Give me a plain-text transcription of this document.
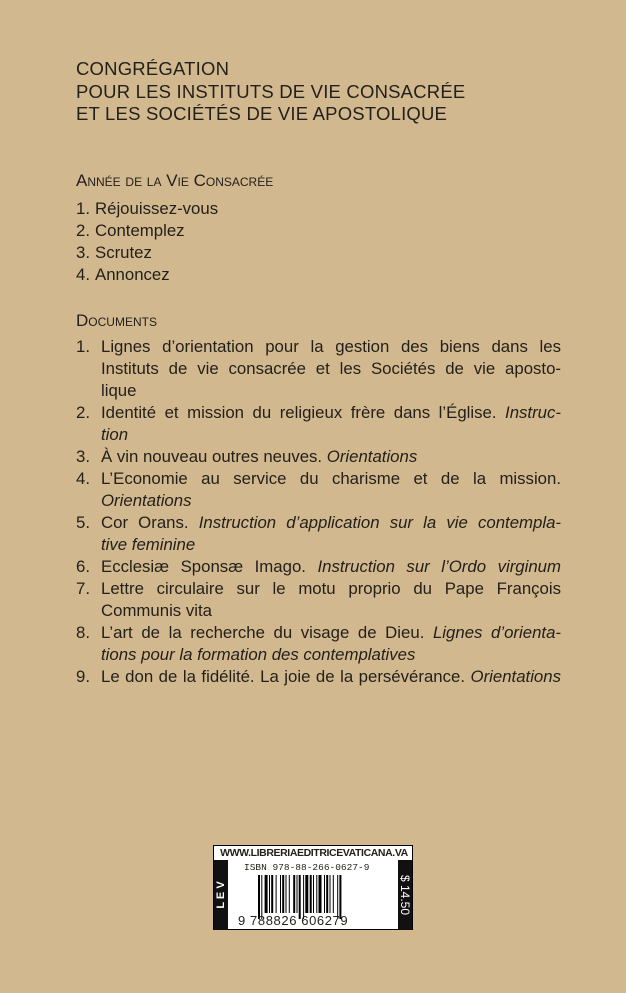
CONGRÉGATION
POUR LES INSTITUTS DE VIE CONSACRÉE
ET LES SOCIÉTÉS DE VIE APOSTOLIQUE
Année de la Vie Consacrée
1. Réjouissez-vous
2. Contemplez
3. Scrutez
4. Annoncez
Documents
1. Lignes d’orientation pour la gestion des biens dans les
Instituts de vie consacrée et les Sociétés de vie aposto-
lique
2. Identité et mission du religieux frère dans l’Église. Instruc-
tion
3. À vin nouveau outres neuves. Orientations
4. L’Economie au service du charisme et de la mission.
Orientations
5. Cor Orans. Instruction d’application sur la vie contempla-
tive feminine
6. Ecclesiæ Sponsæ Imago. Instruction sur l’Ordo virginum
7. Lettre circulaire sur le motu proprio du Pape François
Communis vita
8. L’art de la recherche du visage de Dieu. Lignes d’orienta-
tions pour la formation des contemplatives
9. Le don de la fidélité. La joie de la persévérance. Orientations
WWW.LIBRERIAEDITRICEVATICANA.VA
L E V	$ 14.50
ISBN 978-88-266-0627-9
9 788826 606279
